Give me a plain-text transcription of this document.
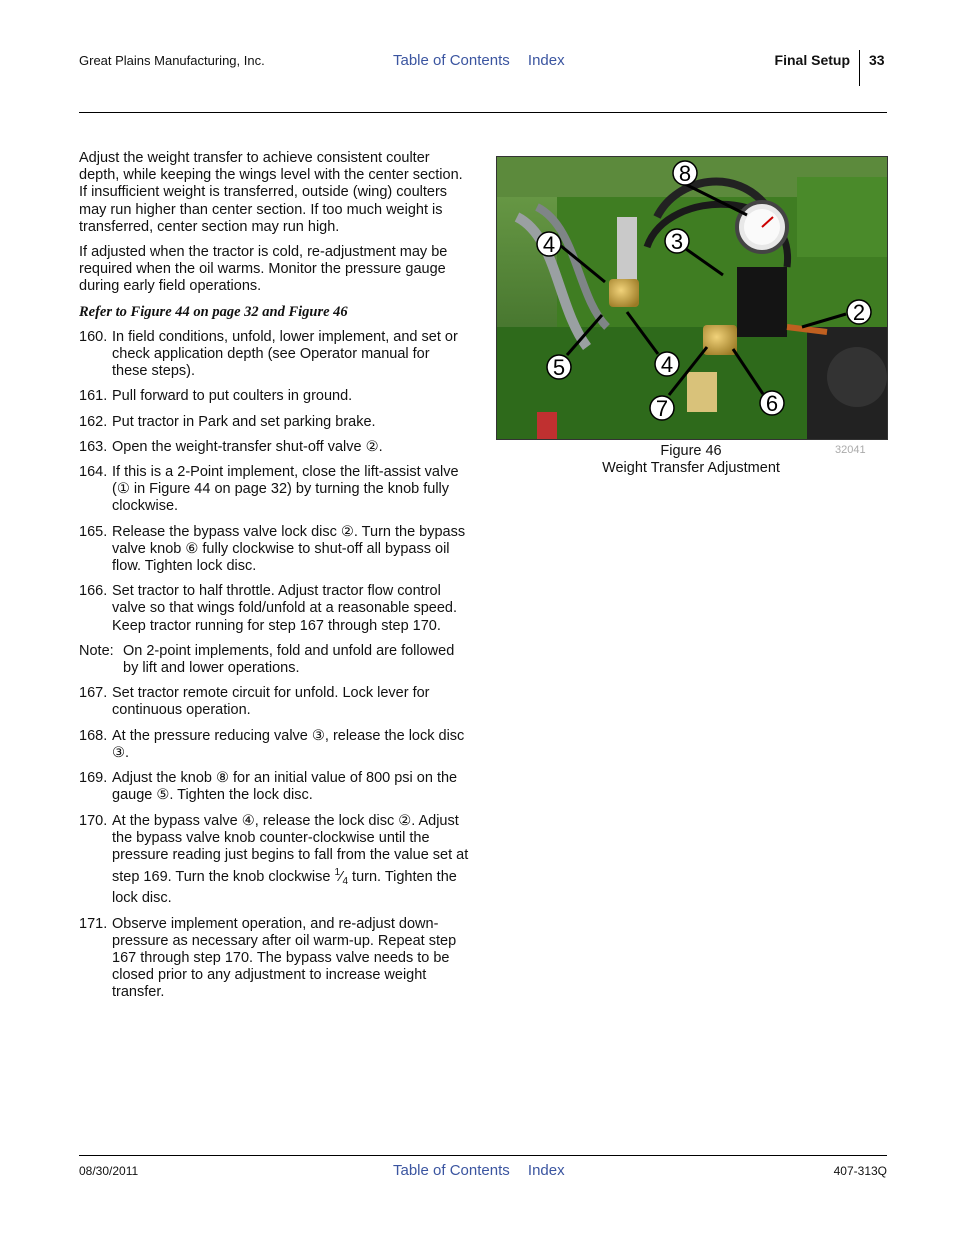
Great Plains Manufacturing, Inc.	Table of Contents Index	Final Setup 33

Adjust the weight transfer to achieve consistent coulter depth, while keeping the wings level with the center section. If insufficient weight is transferred, outside (wing) coulters may run higher than center section. If too much weight is transferred, center section may run high.

If adjusted when the tractor is cold, re-adjustment may be required when the oil warms. Monitor the pressure gauge during early field operations.

Refer to Figure 44 on page 32 and Figure 46

160. In field conditions, unfold, lower implement, and set or check application depth (see Operator manual for these steps).
161. Pull forward to put coulters in ground.
162. Put tractor in Park and set parking brake.
163. Open the weight-transfer shut-off valve ②.
164. If this is a 2-Point implement, close the lift-assist valve (① in Figure 44 on page 32) by turning the knob fully clockwise.
165. Release the bypass valve lock disc ②. Turn the bypass valve knob ⑥ fully clockwise to shut-off all bypass oil flow. Tighten lock disc.
166. Set tractor to half throttle. Adjust tractor flow control valve so that wings fold/unfold at a reasonable speed. Keep tractor running for step 167 through step 170.
Note: On 2-point implements, fold and unfold are followed by lift and lower operations.
167. Set tractor remote circuit for unfold. Lock lever for continuous operation.
168. At the pressure reducing valve ③, release the lock disc ③.
169. Adjust the knob ⑧ for an initial value of 800 psi on the gauge ⑤. Tighten the lock disc.
170. At the bypass valve ④, release the lock disc ②. Adjust the bypass valve knob counter-clockwise until the pressure reading just begins to fall from the value set at step 169. Turn the knob clockwise $^1⁄_4$ turn. Tighten the lock disc.
171. Observe implement operation, and re-adjust down-pressure as necessary after oil warm-up. Repeat step 167 through step 170. The bypass valve needs to be closed prior to any adjustment to increase weight transfer.
8
4	3
2
5	4
7	6
32041
Figure 46
Weight Transfer Adjustment
08/30/2011	Table of Contents Index	407-313Q
